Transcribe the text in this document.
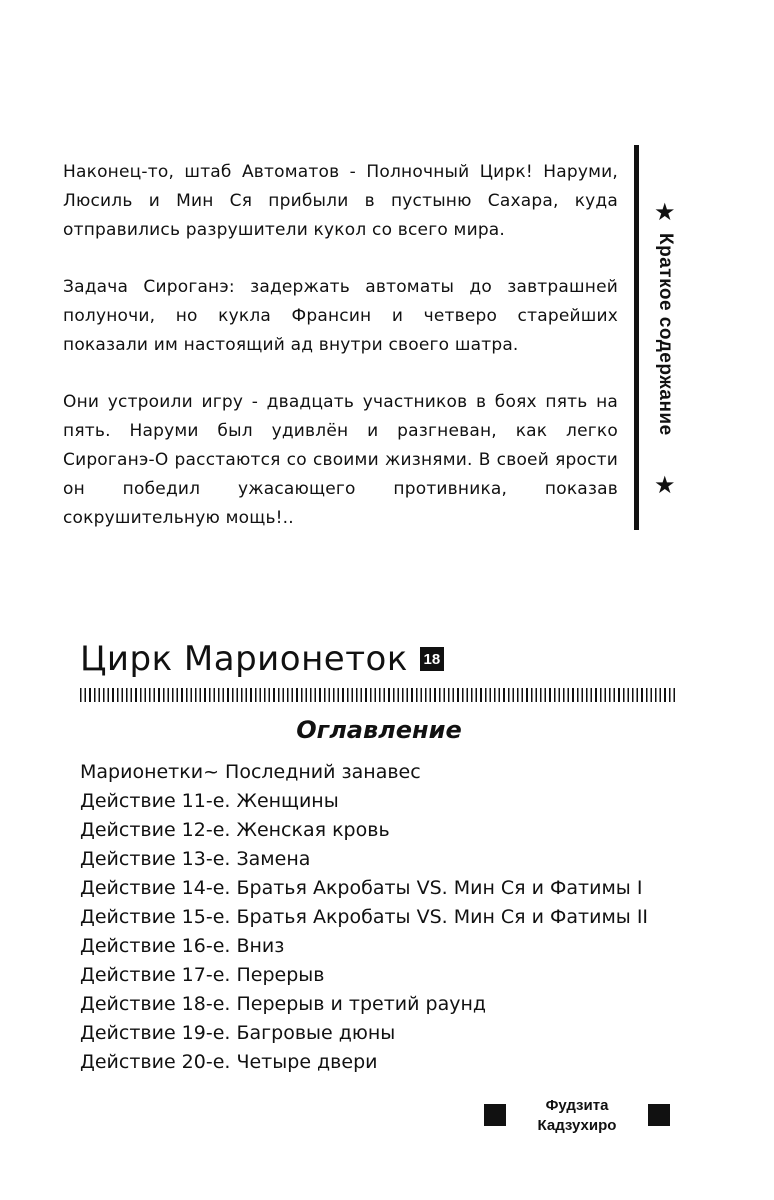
Наконец-то, штаб Автоматов - Полночный Цирк! Наруми, Люсиль и Мин Ся прибыли в пустыню Сахара, куда отправились разрушители кукол со всего мира.

Задача Сироганэ: задержать автоматы до завтрашней полуночи, но кукла Франсин и четверо старейших показали им настоящий ад внутри своего шатра.

Они устроили игру - двадцать участников в боях пять на пять. Наруми был удивлён и разгневан, как легко Сироганэ-О расстаются со своими жизнями. В своей ярости он победил ужасающего противника, показав сокрушительную мощь!..

★
Краткое содержание
★
Цирк Марионеток 18
Оглавление
Марионетки~ Последний занавес
Действие 11-е. Женщины
Действие 12-е. Женская кровь
Действие 13-е. Замена
Действие 14-е. Братья Акробаты VS. Мин Ся и Фатимы I
Действие 15-е. Братья Акробаты VS. Мин Ся и Фатимы II
Действие 16-е. Вниз
Действие 17-е. Перерыв
Действие 18-е. Перерыв и третий раунд
Действие 19-е. Багровые дюны
Действие 20-е. Четыре двери
Фудзита
Кадзухиро
